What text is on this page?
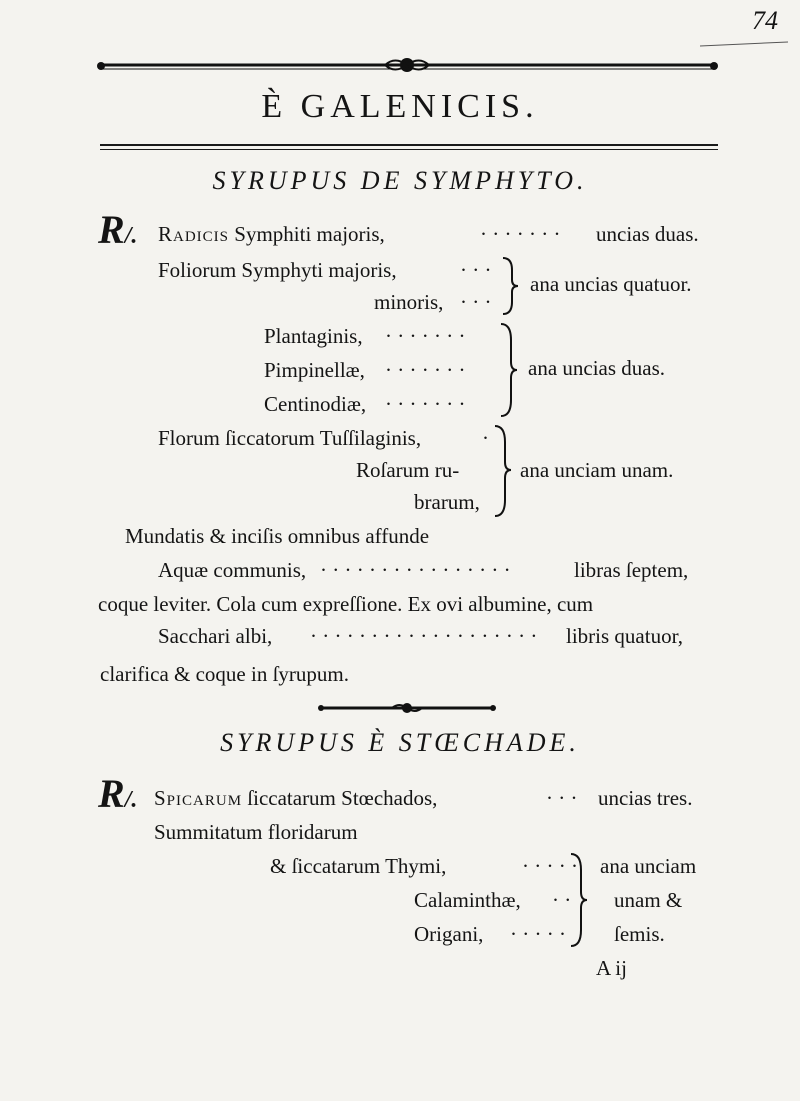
74
È GALENICIS.
SYRUPUS DE SYMPHYTO.
R/. Radicis Symphiti majoris,	· · · · · · · uncias duas.
Foliorum Symphyti majoris,	· · ·
minoris, · · ·
ana uncias quatuor.
Plantaginis, · · · · · · ·
Pimpinellæ, · · · · · · ·
Centinodiæ, · · · · · · ·
ana uncias duas.
Florum ſiccatorum Tuſſilaginis,	·
Roſarum ru-
brarum,
ana unciam unam.
Mundatis & inciſis omnibus affunde
Aquæ communis, · · · · · · · · · · · · · · · ·	libras ſeptem,
coque leviter. Cola cum expreſſione. Ex ovi albumine, cum
Sacchari albi, · · · · · · · · · · · · · · · · · · · libris quatuor,
clarifica & coque in ſyrupum.
SYRUPUS È STŒCHADE.
R/. Spicarum ſiccatarum Stœchados,	· · · uncias tres.
Summitatum floridarum
& ſiccatarum Thymi,	· · · · ·
Calaminthæ, · ·
Origani, · · · · ·
ana unciam
unam &
ſemis.
A ij
